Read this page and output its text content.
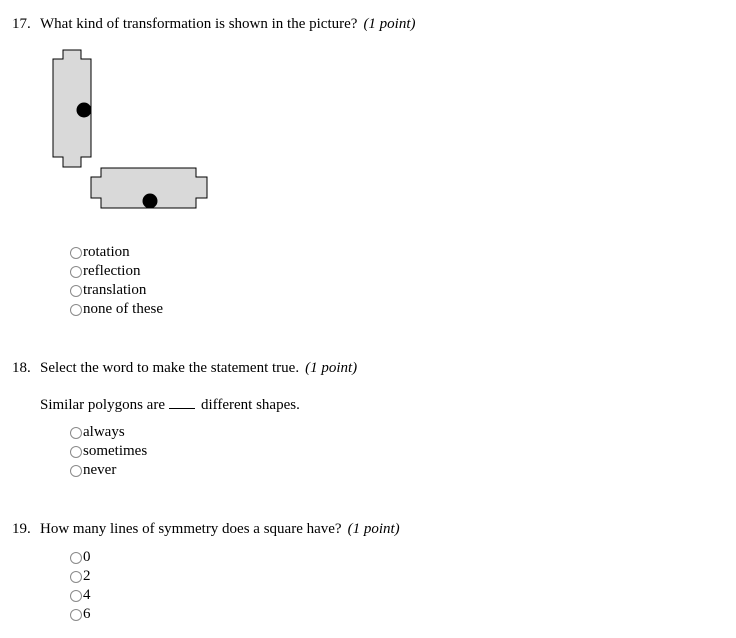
17. What kind of transformation is shown in the picture? (1 point)
rotation
reflection
translation
none of these
18. Select the word to make the statement true. (1 point)
Similar polygons are different shapes.
always
sometimes
never
19. How many lines of symmetry does a square have? (1 point)
0
2
4
6
